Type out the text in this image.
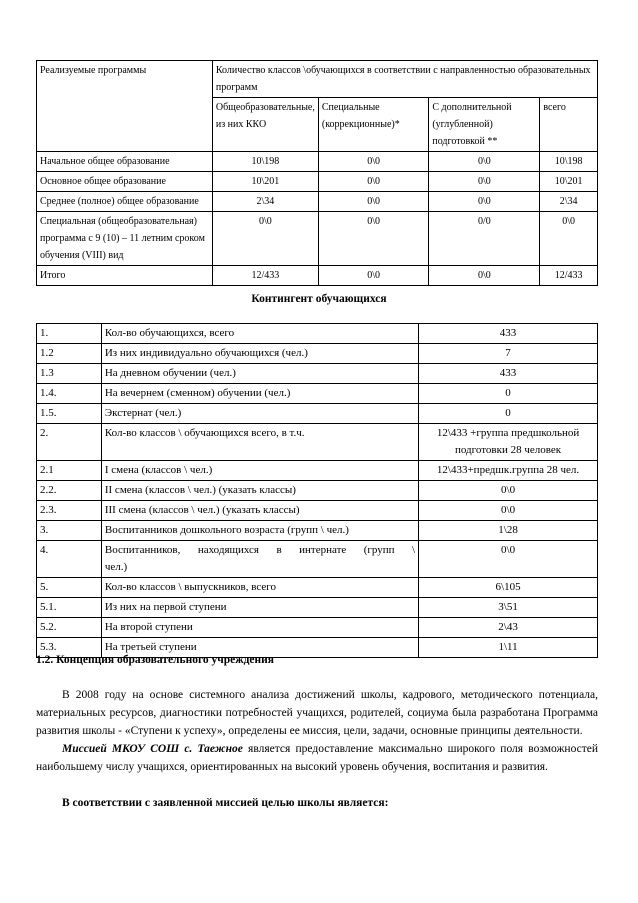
Реализуемые программы	Количество классов \обучающихся в соответствии с направленностью образовательных программ			
	Общеобразовательные, из них ККО	Специальные (коррекционные)*	С дополнительной (углубленной) подготовкой **	всего
Начальное общее образование	10\198	0\0	0\0	10\198
Основное общее образование	10\201	0\0	0\0	10\201
Среднее (полное) общее образование	2\34	0\0	0\0	2\34
Специальная (общеобразовательная) программа с 9 (10) – 11 летним сроком обучения (VIII) вид	0\0	0\0	0/0	0\0
Итого	12/433	0\0	0\0	12/433
Контингент обучающихся
1.	Кол-во обучающихся, всего	433
1.2	Из них индивидуально обучающихся (чел.)	7
1.3	На дневном обучении (чел.)	433
1.4.	На вечернем (сменном) обучении (чел.)	0
1.5.	Экстернат (чел.)	0
2.	Кол-во классов \ обучающихся всего, в т.ч.	12\433 +группа предшкольной подготовки 28 человек
2.1	I смена (классов \ чел.)	12\433+предшк.группа 28 чел.
2.2.	II смена (классов \ чел.) (указать классы)	0\0
2.3.	III смена (классов \ чел.) (указать классы)	0\0
3.	Воспитанников дошкольного возраста (групп \ чел.)	1\28
4.	Воспитанников, находящихся в интернате (групп \
чел.)	0\0
5.	Кол-во классов \ выпускников, всего	6\105
5.1.	Из них на первой ступени	3\51
5.2.	На второй ступени	2\43
5.3.	На третьей ступени	1\11
1.2. Концепция образовательного учреждения

В 2008 году на основе системного анализа достижений школы, кадрового, методического потенциала, материальных ресурсов, диагностики потребностей учащихся, родителей, социума была разработана Программа развития школы - «Ступени к успеху», определены ее миссия, цели, задачи, основные принципы деятельности.

Миссией МКОУ СОШ с. Таежное является предоставление максимально широкого поля возможностей наибольшему числу учащихся, ориентированных на высокий уровень обучения, воспитания и развития.

В соответствии с заявленной миссией целью школы является:
